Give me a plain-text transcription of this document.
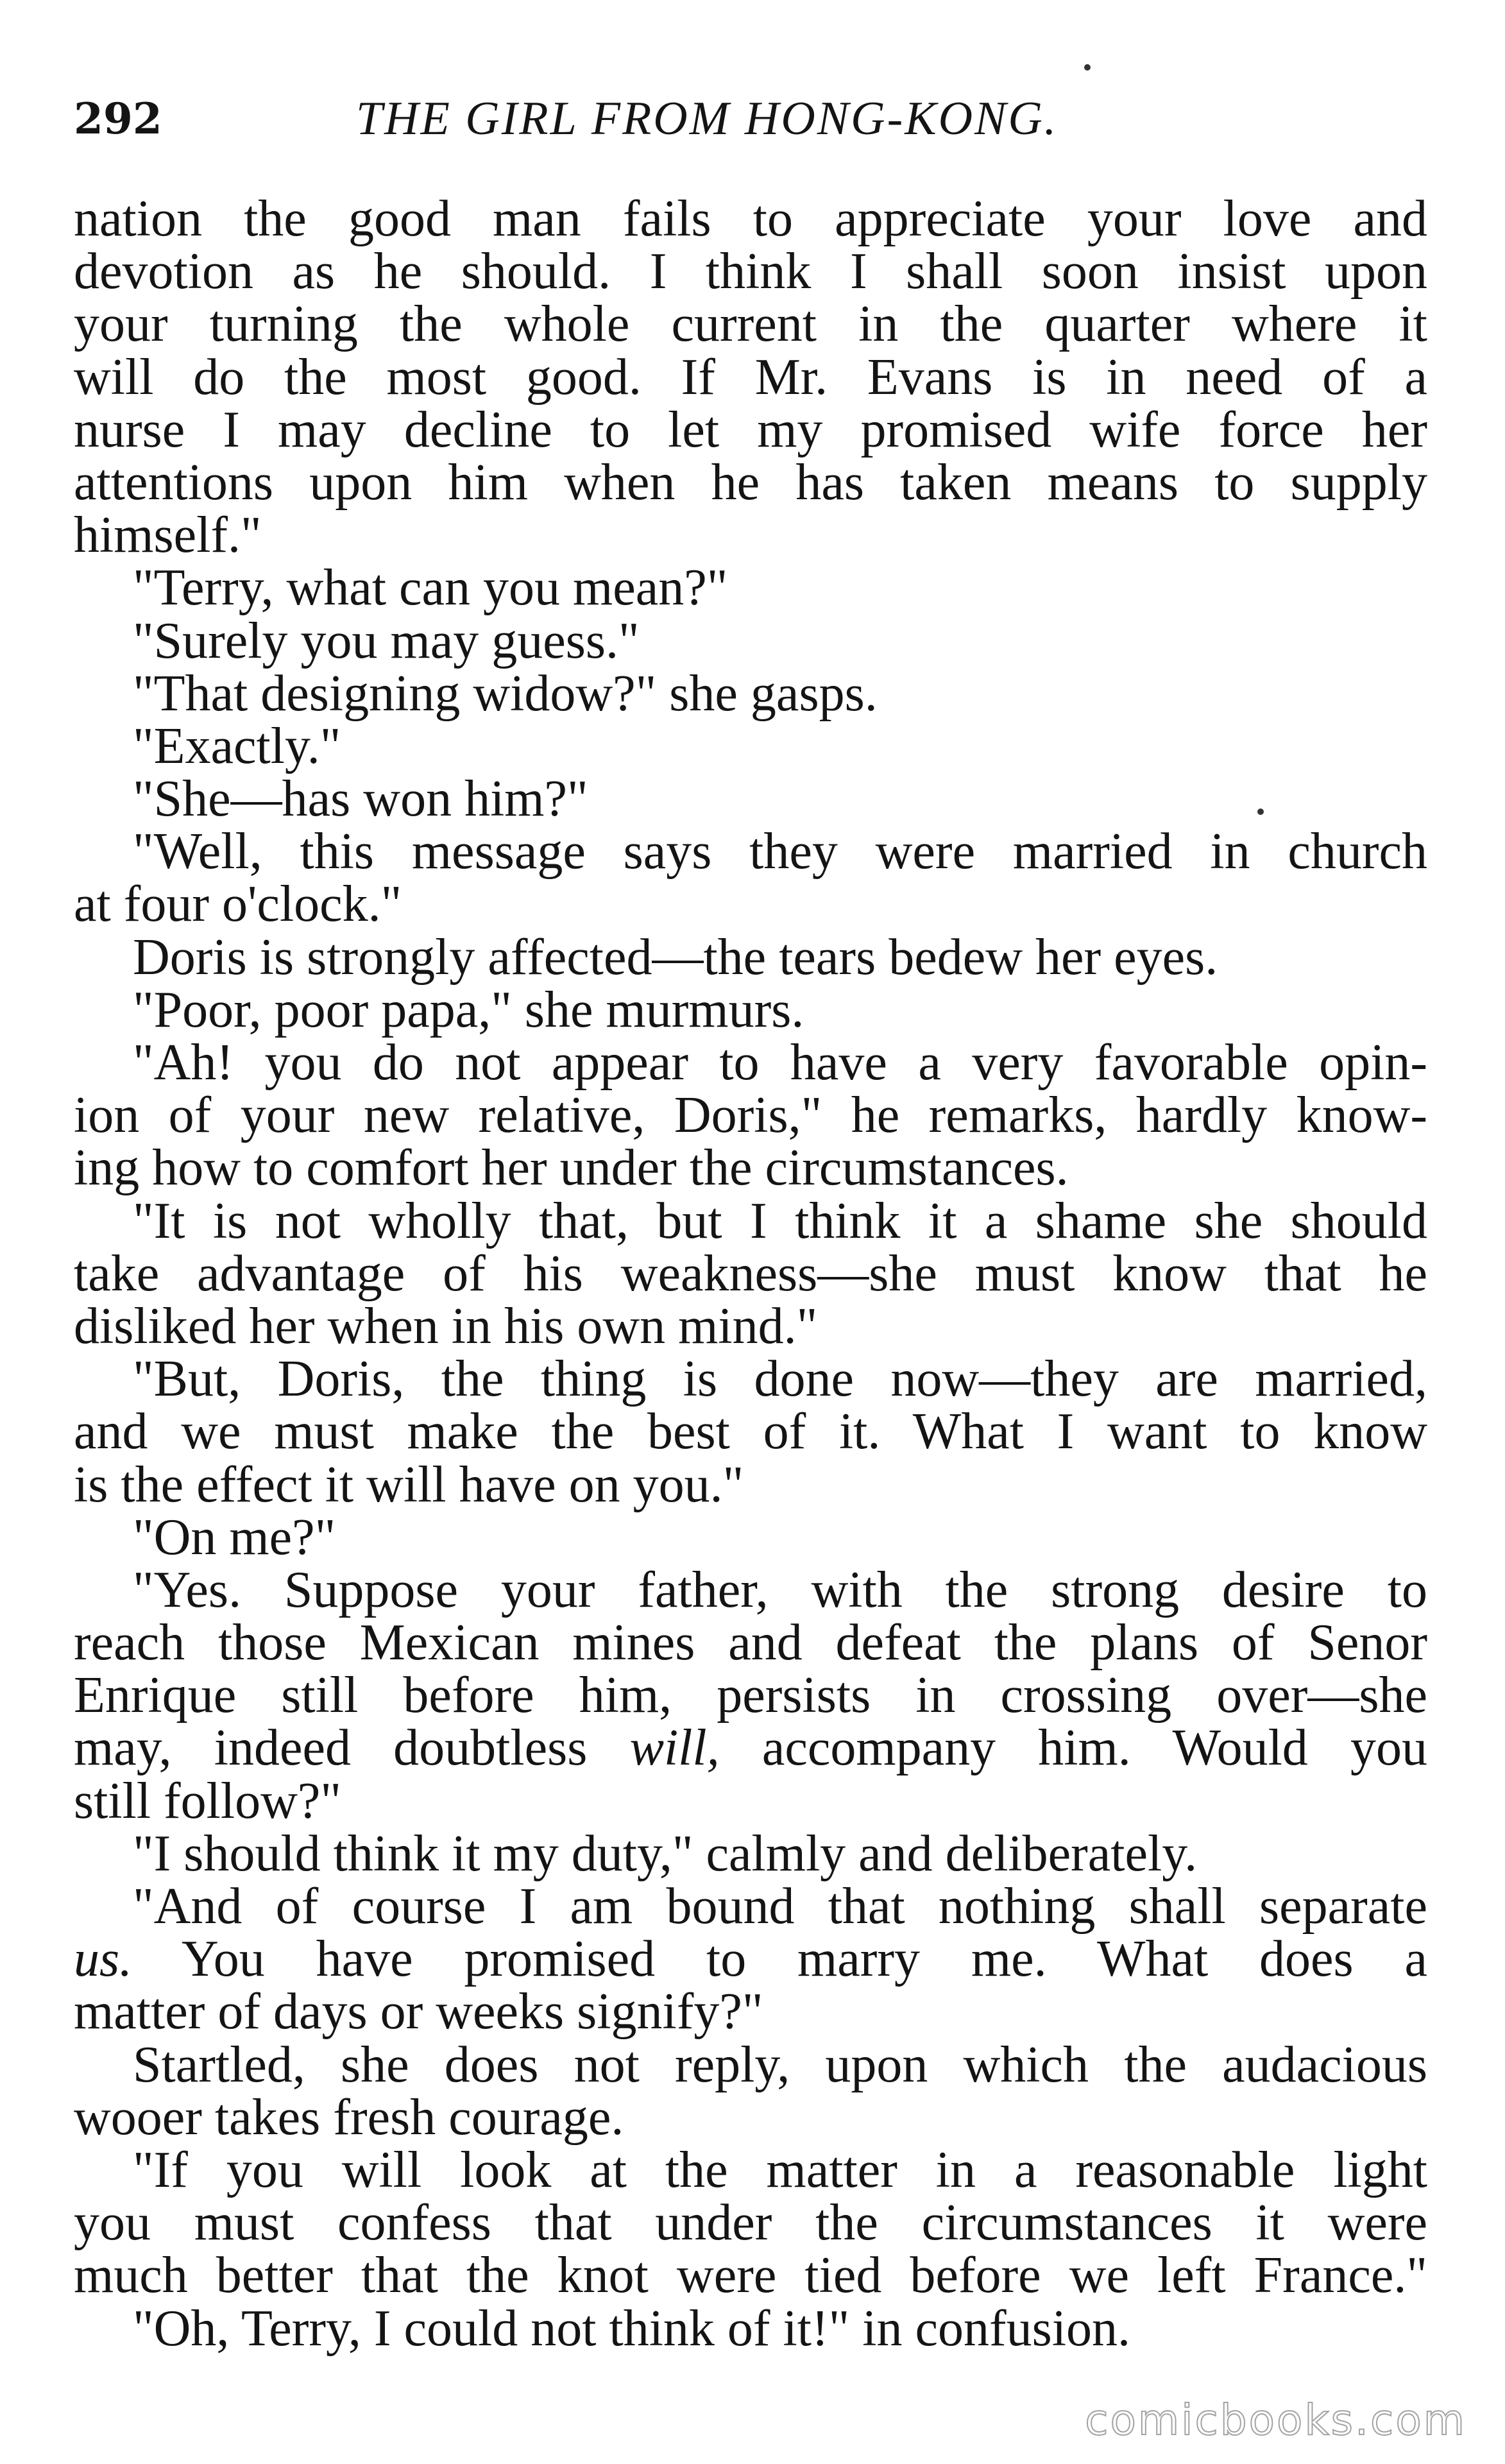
292	THE GIRL FROM HONG-KONG.
nation the good man fails to appreciate your love and
devotion as he should. I think I shall soon insist upon
your turning the whole current in the quarter where it
will do the most good. If Mr. Evans is in need of a
nurse I may decline to let my promised wife force her
attentions upon him when he has taken means to supply
himself."
"Terry, what can you mean?"
"Surely you may guess."
"That designing widow?" she gasps.
"Exactly."
"She—has won him?"
"Well, this message says they were married in church
at four o'clock."
Doris is strongly affected—the tears bedew her eyes.
"Poor, poor papa," she murmurs.
"Ah! you do not appear to have a very favorable opin-
ion of your new relative, Doris," he remarks, hardly know-
ing how to comfort her under the circumstances.
"It is not wholly that, but I think it a shame she should
take advantage of his weakness—she must know that he
disliked her when in his own mind."
"But, Doris, the thing is done now—they are married,
and we must make the best of it. What I want to know
is the effect it will have on you."
"On me?"
"Yes. Suppose your father, with the strong desire to
reach those Mexican mines and defeat the plans of Senor
Enrique still before him, persists in crossing over—she
may, indeed doubtless will, accompany him. Would you
still follow?"
"I should think it my duty," calmly and deliberately.
"And of course I am bound that nothing shall separate
us. You have promised to marry me. What does a
matter of days or weeks signify?"
Startled, she does not reply, upon which the audacious
wooer takes fresh courage.
"If you will look at the matter in a reasonable light
you must confess that under the circumstances it were
much better that the knot were tied before we left France."
"Oh, Terry, I could not think of it!" in confusion.
comicbooks.com
